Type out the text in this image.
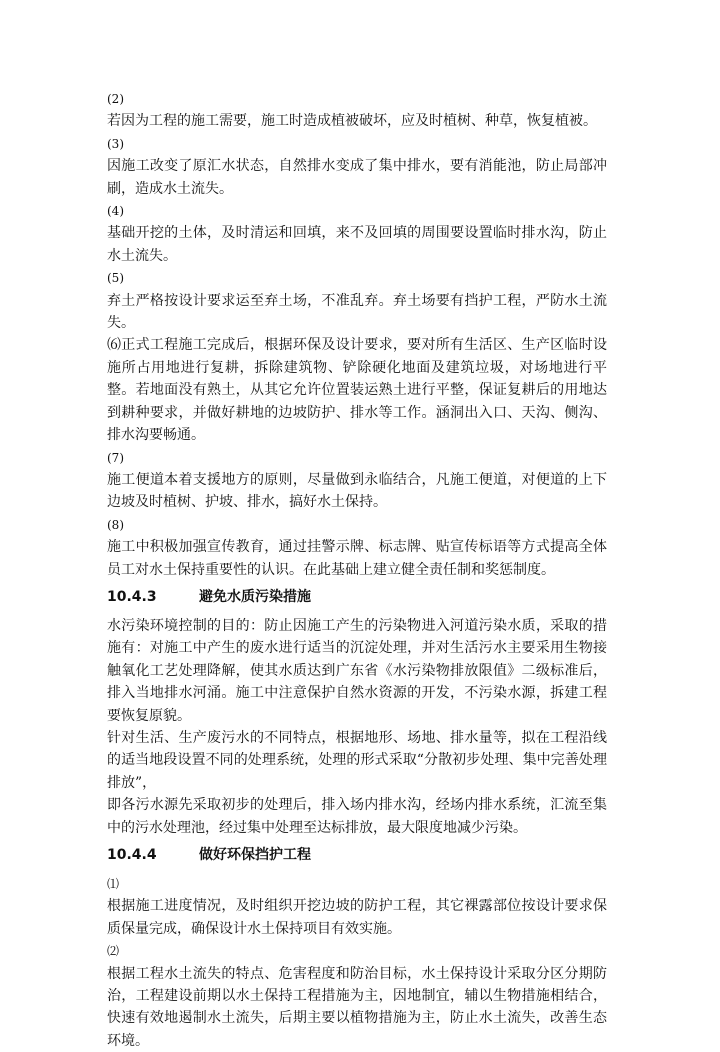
(2)

若因为工程的施工需要，施工时造成植被破坏，应及时植树、种草，恢复植被。

(3)

因施工改变了原汇水状态，自然排水变成了集中排水，要有消能池，防止局部冲刷，造成水土流失。

(4)

基础开挖的土体，及时清运和回填，来不及回填的周围要设置临时排水沟，防止水土流失。

(5)

弃土严格按设计要求运至弃土场，不准乱弃。弃土场要有挡护工程，严防水土流失。

⑹正式工程施工完成后，根据环保及设计要求，要对所有生活区、生产区临时设施所占用地进行复耕，拆除建筑物、铲除硬化地面及建筑垃圾，对场地进行平整。若地面没有熟土，从其它允许位置装运熟土进行平整，保证复耕后的用地达到耕种要求，并做好耕地的边坡防护、排水等工作。涵洞出入口、天沟、侧沟、排水沟要畅通。

(7)

施工便道本着支援地方的原则，尽量做到永临结合，凡施工便道，对便道的上下边坡及时植树、护坡、排水，搞好水土保持。

(8)

施工中积极加强宣传教育，通过挂警示牌、标志牌、贴宣传标语等方式提高全体员工对水土保持重要性的认识。在此基础上建立健全责任制和奖惩制度。

10.4.3	避免水质污染措施

水污染环境控制的目的：防止因施工产生的污染物进入河道污染水质，采取的措施有：对施工中产生的废水进行适当的沉淀处理，并对生活污水主要采用生物接触氧化工艺处理降解，使其水质达到广东省《水污染物排放限值》二级标准后，排入当地排水河涌。施工中注意保护自然水资源的开发，不污染水源，拆建工程要恢复原貌。

针对生活、生产废污水的不同特点，根据地形、场地、排水量等，拟在工程沿线的适当地段设置不同的处理系统，处理的形式采取“分散初步处理、集中完善处理排放”，

即各污水源先采取初步的处理后，排入场内排水沟，经场内排水系统，汇流至集中的污水处理池，经过集中处理至达标排放，最大限度地减少污染。

10.4.4	做好环保挡护工程
⑴

根据施工进度情况，及时组织开挖边坡的防护工程，其它裸露部位按设计要求保质保量完成，确保设计水土保持项目有效实施。

⑵

根据工程水土流失的特点、危害程度和防治目标，水土保持设计采取分区分期防治，工程建设前期以水土保持工程措施为主，因地制宜，辅以生物措施相结合，快速有效地遏制水土流失，后期主要以植物措施为主，防止水土流失，改善生态环境。
